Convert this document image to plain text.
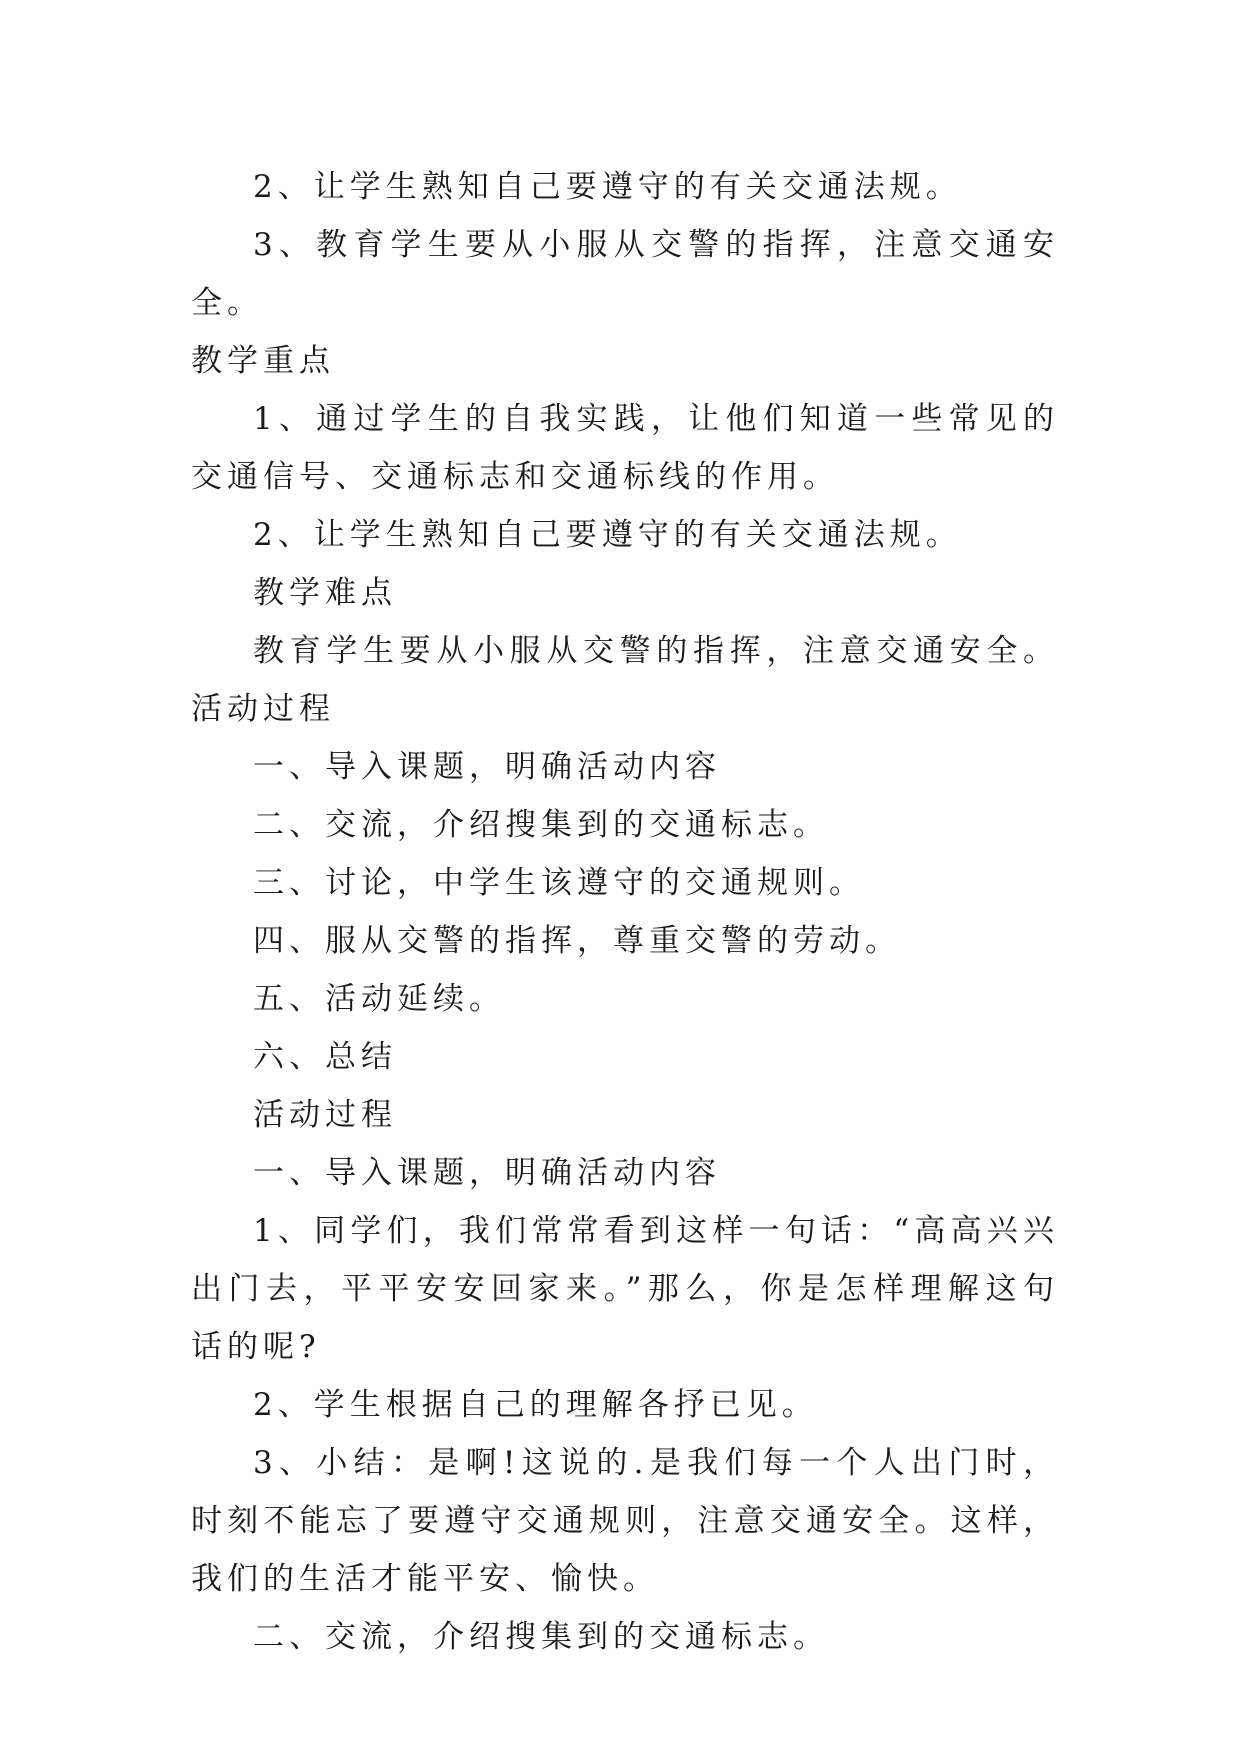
2、让学生熟知自己要遵守的有关交通法规。

3、教育学生要从小服从交警的指挥，注意交通安全。

教学重点

1、通过学生的自我实践，让他们知道一些常见的交通信号、交通标志和交通标线的作用。

2、让学生熟知自己要遵守的有关交通法规。

教学难点

教育学生要从小服从交警的指挥，注意交通安全。活动过程

一、导入课题，明确活动内容

二、交流，介绍搜集到的交通标志。

三、讨论，中学生该遵守的交通规则。

四、服从交警的指挥，尊重交警的劳动。

五、活动延续。

六、总结

活动过程

一、导入课题，明确活动内容

1、同学们，我们常常看到这样一句话：“高高兴兴出门去，平平安安回家来。”那么，你是怎样理解这句话的呢?

2、学生根据自己的理解各抒已见。

3、小结：是啊!这说的.是我们每一个人出门时，时刻不能忘了要遵守交通规则，注意交通安全。这样，我们的生活才能平安、愉快。

二、交流，介绍搜集到的交通标志。
